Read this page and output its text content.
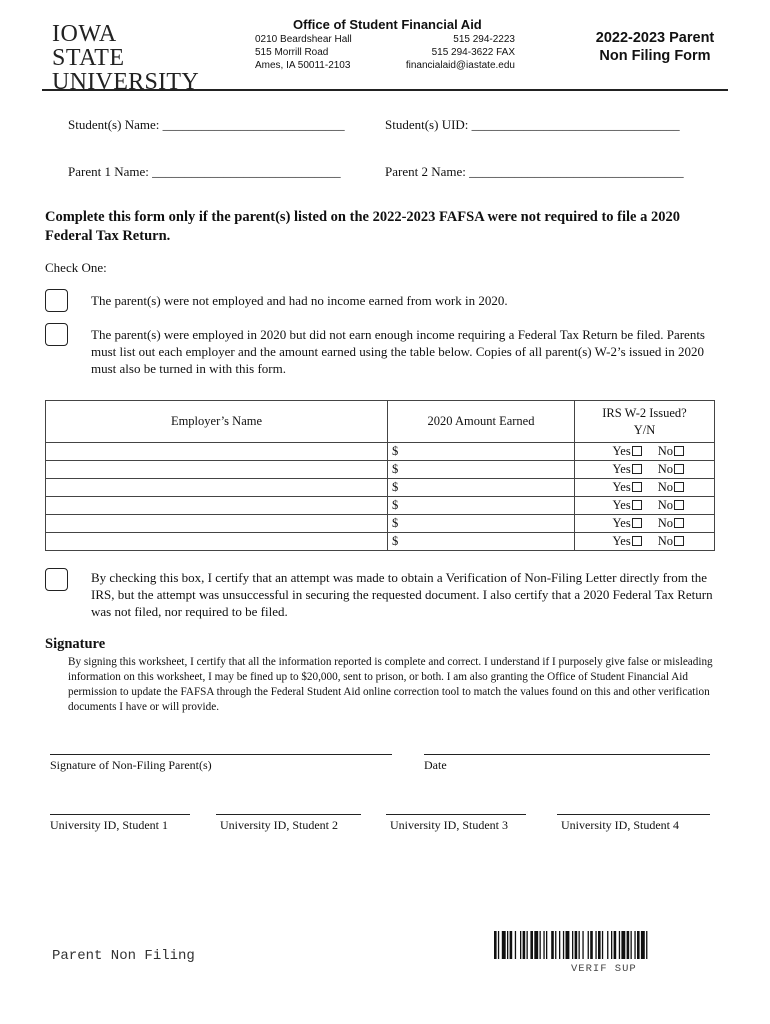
IOWA STATE
UNIVERSITY
Office of Student Financial Aid
0210 Beardshear Hall
515 Morrill Road
Ames, IA 50011-2103
515 294-2223
515 294-3622 FAX
financialaid@iastate.edu
2022-2023 Parent
Non Filing Form
Student(s) Name: ____________________________	Student(s) UID: ________________________________
Parent 1 Name: _____________________________	Parent 2 Name: _________________________________
Complete this form only if the parent(s) listed on the 2022-2023 FAFSA were not required to file a 2020 Federal Tax Return.
Check One:
The parent(s) were not employed and had no income earned from work in 2020.
The parent(s) were employed in 2020 but did not earn enough income requiring a Federal Tax Return be filed. Parents must list out each employer and the amount earned using the table below. Copies of all parent(s) W-2’s issued in 2020 must also be turned in with this form.
Employer’s Name	2020 Amount Earned	IRS W-2 Issued?
Y/N

	$	Yes No
	$	Yes No
	$	Yes No
	$	Yes No
	$	Yes No
	$	Yes No
By checking this box, I certify that an attempt was made to obtain a Verification of Non-Filing Letter directly from the IRS, but the attempt was unsuccessful in securing the requested document. I also certify that a 2020 Federal Tax Return was not filed, nor required to be filed.
Signature
By signing this worksheet, I certify that all the information reported is complete and correct. I understand if I purposely give false or misleading information on this worksheet, I may be fined up to $20,000, sent to prison, or both. I am also granting the Office of Student Financial Aid permission to update the FAFSA through the Federal Student Aid online correction tool to match the values found on this and other verification documents I have or will provide.
Signature of Non-Filing Parent(s)	Date
University ID, Student 1	University ID, Student 2	University ID, Student 3	University ID, Student 4
Parent Non Filing
VERIF SUP
